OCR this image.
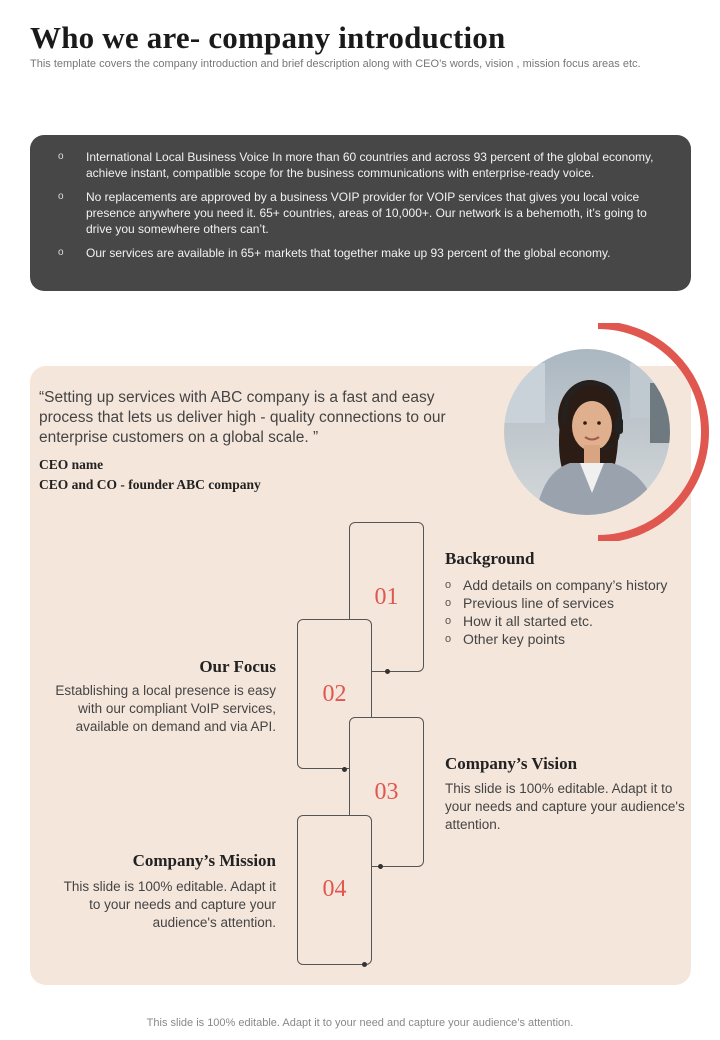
Who we are- company introduction
This template covers the company introduction and brief description along with CEO’s words, vision , mission focus areas etc.
o International Local Business Voice In more than 60 countries and across 93 percent of the global economy, achieve instant, compatible scope for the business communications with enterprise-ready voice.
o No replacements are approved by a business VOIP provider for VOIP services that gives you local voice presence anywhere you need it. 65+ countries, areas of 10,000+. Our network is a behemoth, it’s going to drive you somewhere others can’t.
o Our services are available in 65+ markets that together make up 93 percent of the global economy.
“Setting up services with ABC company is a fast and easy process that lets us deliver high - quality connections to our enterprise customers on a global scale. ”
CEO name
CEO and CO - founder ABC company
01
02
03
04
Background
o Add details on company’s history
o Previous line of services
o How it all started etc.
o Other key points
Our Focus
Establishing a local presence is easy with our compliant VoIP services, available on demand and via API.
Company’s Vision
This slide is 100% editable. Adapt it to your needs and capture your audience's attention.
Company’s Mission
This slide is 100% editable. Adapt it to your needs and capture your audience's attention.
This slide is 100% editable. Adapt it to your need and capture your audience’s attention.
